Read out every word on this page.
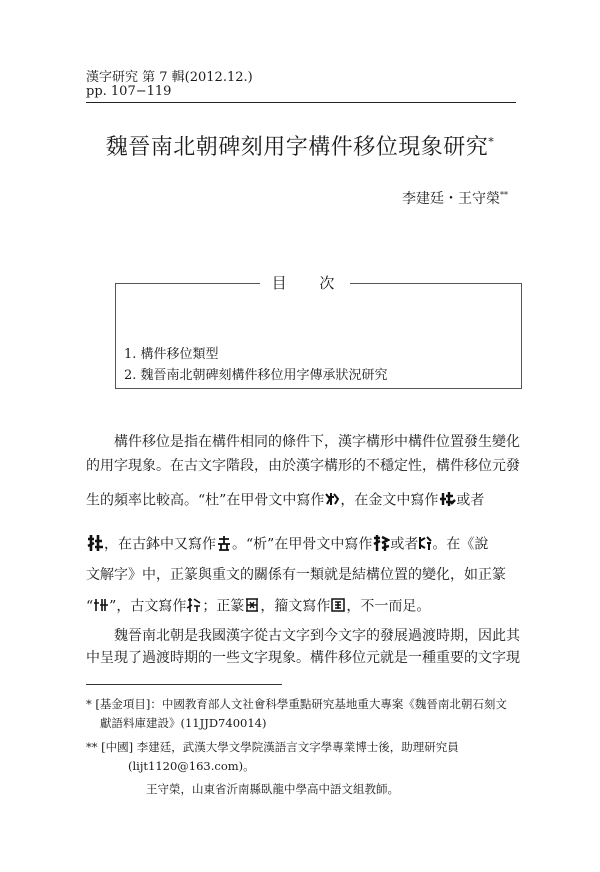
漢字研究 第 7 輯(2012.12.)
pp. 107−119
魏晉南北朝碑刻用字構件移位現象研究*
李建廷・王守榮**
目 次
1. 構件移位類型
2. 魏晉南北朝碑刻構件移位用字傳承狀況研究
構件移位是指在構件相同的條件下，漢字構形中構件位置發生變化
的用字現象。在古文字階段，由於漢字構形的不穩定性，構件移位元發
生的頻率比較高。“杜”在甲骨文中寫作 ，在金文中寫作 或者
，在古鉢中又寫作 。“析”在甲骨文中寫作 或者 。在《說
文解字》中，正篆與重文的關係有一類就是結構位置的變化，如正篆
“ ”，古文寫作 ；正篆 ，籀文寫作 ，不一而足。
魏晉南北朝是我國漢字從古文字到今文字的發展過渡時期，因此其
中呈現了過渡時期的一些文字現象。構件移位元就是一種重要的文字現
* [基金項目]：中國教育部人文社會科學重點研究基地重大專案《魏晉南北朝石刻文
獻語料庫建設》(11JJD740014)
** [中國] 李建廷，武漢大學文學院漢語言文字學專業博士後，助理研究員
(lijt1120@163.com)。
王守榮，山東省沂南縣臥龍中學高中語文組教師。
